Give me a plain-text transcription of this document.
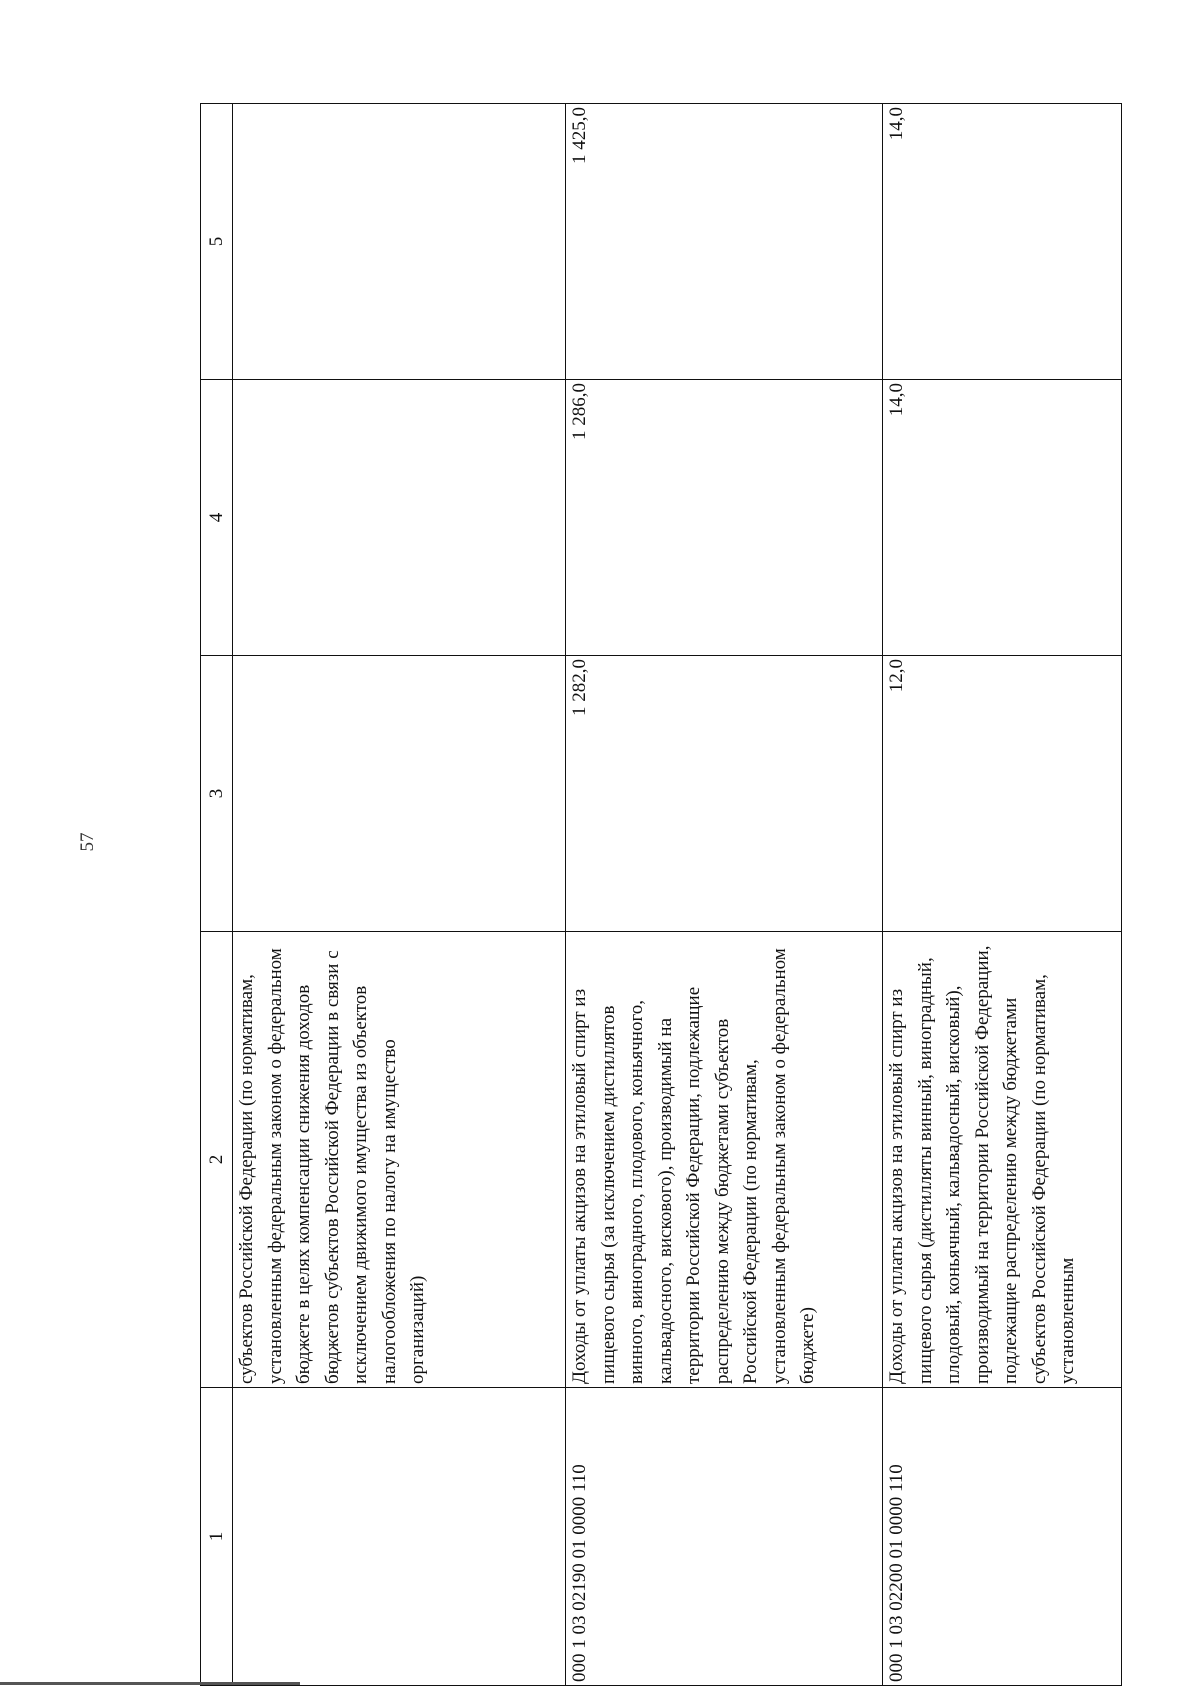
57
1	2	3	4	5
	субъектов Российской Федерации (по нормативам, установленным федеральным законом о федеральном бюджете в целях компенсации снижения доходов бюджетов субъектов Российской Федерации в связи с исключением движимого имущества из объектов налогообложения по налогу на имущество организаций)			
000 1 03 02190 01 0000 110	Доходы от уплаты акцизов на этиловый спирт из пищевого сырья (за исключением дистиллятов винного, виноградного, плодового, коньячного, кальвадосного, вискового), производимый на территории Российской Федерации, подлежащие распределению между бюджетами субъектов Российской Федерации (по нормативам, установленным федеральным законом о федеральном бюджете)	1 282,0	1 286,0	1 425,0
000 1 03 02200 01 0000 110	Доходы от уплаты акцизов на этиловый спирт из пищевого сырья (дистилляты винный, виноградный, плодовый, коньячный, кальвадосный, висковый), производимый на территории Российской Федерации, подлежащие распределению между бюджетами субъектов Российской Федерации (по нормативам, установленным	12,0	14,0	14,0
